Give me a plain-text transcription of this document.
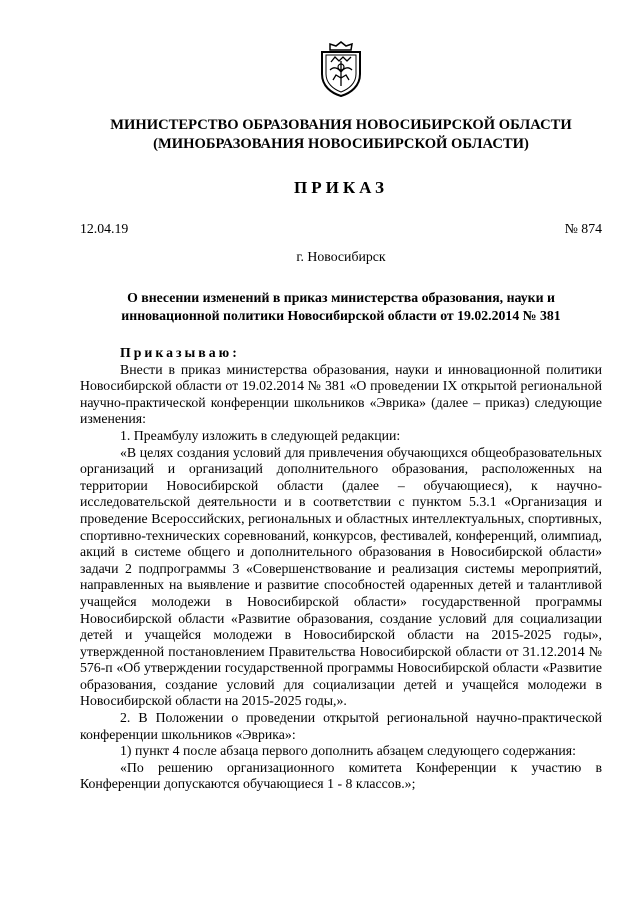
МИНИСТЕРСТВО ОБРАЗОВАНИЯ НОВОСИБИРСКОЙ ОБЛАСТИ
(МИНОБРАЗОВАНИЯ НОВОСИБИРСКОЙ ОБЛАСТИ)
ПРИКАЗ
12.04.19	№ 874
г. Новосибирск
О внесении изменений в приказ министерства образования, науки и
инновационной политики Новосибирской области от 19.02.2014 № 381
Приказываю:

Внести в приказ министерства образования, науки и инновационной политики Новосибирской области от 19.02.2014 № 381 «О проведении IX открытой региональной научно-практической конференции школьников «Эврика» (далее – приказ) следующие изменения:

1. Преамбулу изложить в следующей редакции:

«В целях создания условий для привлечения обучающихся общеобразовательных организаций и организаций дополнительного образования, расположенных на территории Новосибирской области (далее – обучающиеся), к научно-исследовательской деятельности и в соответствии с пунктом 5.3.1 «Организация и проведение Всероссийских, региональных и областных интеллектуальных, спортивных, спортивно-технических соревнований, конкурсов, фестивалей, конференций, олимпиад, акций в системе общего и дополнительного образования в Новосибирской области» задачи 2 подпрограммы 3 «Совершенствование и реализация системы мероприятий, направленных на выявление и развитие способностей одаренных детей и талантливой учащейся молодежи в Новосибирской области» государственной программы Новосибирской области «Развитие образования, создание условий для социализации детей и учащейся молодежи в Новосибирской области на 2015-2025 годы», утвержденной постановлением Правительства Новосибирской области от 31.12.2014 № 576-п «Об утверждении государственной программы Новосибирской области «Развитие образования, создание условий для социализации детей и учащейся молодежи в Новосибирской области на 2015-2025 годы,».

2. В Положении о проведении открытой региональной научно-практической конференции школьников «Эврика»:

1) пункт 4 после абзаца первого дополнить абзацем следующего содержания:

«По решению организационного комитета Конференции к участию в Конференции допускаются обучающиеся 1 - 8 классов.»;
